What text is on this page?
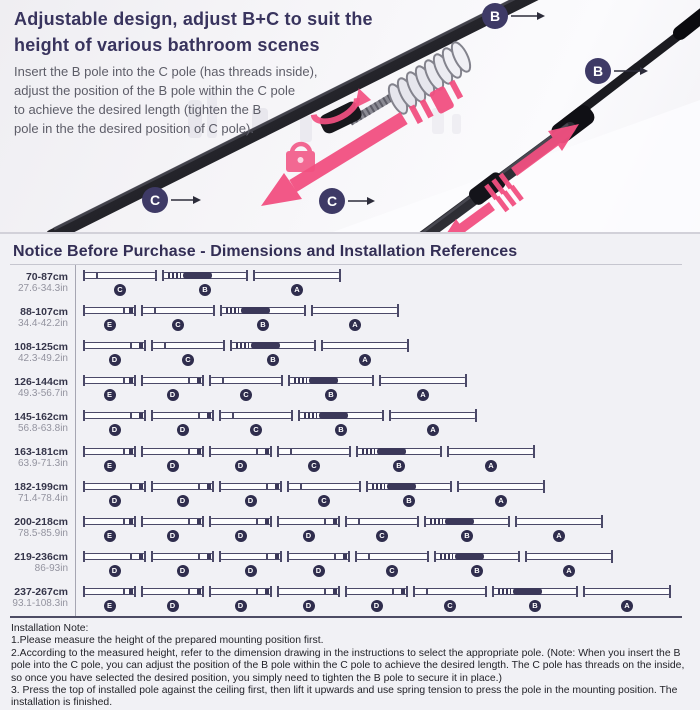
Adjustable design, adjust B+C to suit the
height of various bathroom scenes
Insert the B pole into the C pole (has threads inside),
adjust the position of the B pole within the C pole
to achieve the desired length (tighten the B
pole in the the desired position of C pole).
B
B
C	C
Notice Before Purchase - Dimensions and Installation References
70-87cm
27.6-34.3in	C	B	A
88-107cm
34.4-42.2in	E	C	B	A
108-125cm
42.3-49.2in	D	C	B	A
126-144cm
49.3-56.7in	E	D	C	B	A
145-162cm
56.8-63.8in	D	D	C	B	A
163-181cm
63.9-71.3in	E	D	D	C	B	A
182-199cm
71.4-78.4in	D	D	D	C	B	A
200-218cm
78.5-85.9in	E	D	D	D	C	B	A
219-236cm
86-93in	D	D	D	D	C	B	A
237-267cm
93.1-108.3in	E	D	D	D	D	C	B	A
Installation Note:
1.Please measure the height of the prepared mounting position first.
2.According to the measured height, refer to the dimension drawing in the instructions to select the appropriate pole. (Note: When you insert the B pole into the C pole, you can adjust the position of the B pole within the C pole to achieve the desired length. The C pole has threads on the inside, so once you have selected the desired position, you simply need to tighten the B pole to secure it in place.)
3. Press the top of installed pole against the ceiling first, then lift it upwards and use spring tension to press the pole in the mounting position. The installation is finished.
